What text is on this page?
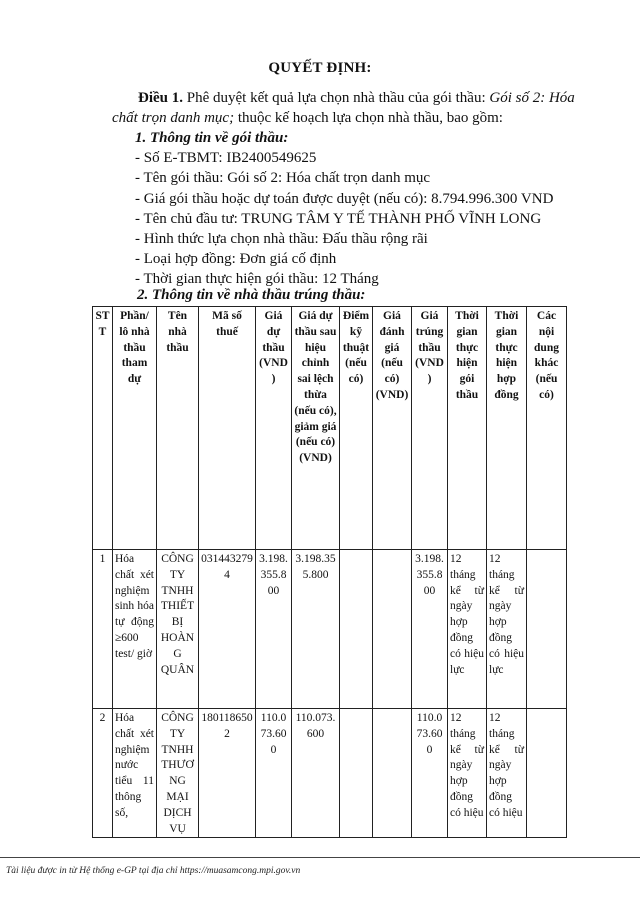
QUYẾT ĐỊNH:
Điều 1. Phê duyệt kết quả lựa chọn nhà thầu của gói thầu: Gói số 2: Hóa chất trọn danh mục; thuộc kế hoạch lựa chọn nhà thầu, bao gồm:
1. Thông tin về gói thầu:
- Số E-TBMT: IB2400549625
- Tên gói thầu: Gói số 2: Hóa chất trọn danh mục
- Giá gói thầu hoặc dự toán được duyệt (nếu có): 8.794.996.300 VND
- Tên chủ đầu tư: TRUNG TÂM Y TẾ THÀNH PHỐ VĨNH LONG
- Hình thức lựa chọn nhà thầu: Đấu thầu rộng rãi
- Loại hợp đồng: Đơn giá cố định
- Thời gian thực hiện gói thầu: 12 Tháng
2. Thông tin về nhà thầu trúng thầu:
STT	Phần/ lô nhà thầu tham dự	Tên nhà thầu	Mã số thuế	Giá dự thầu (VND)	Giá dự thầu sau hiệu chỉnh sai lệch thừa (nếu có), giảm giá (nếu có) (VND)	Điểm kỹ thuật (nếu có)	Giá đánh giá (nếu có) (VND)	Giá trúng thầu (VND)	Thời gian thực hiện gói thầu	Thời gian thực hiện hợp đồng	Các nội dung khác (nếu có)
1	Hóa chất xét nghiệm sinh hóa tự động ≥600 test/ giờ	CÔNG TY TNHH THIẾT BỊ HOÀNG QUÂN	0314432794	3.198.355.800	3.198.355.800			3.198.355.800	12 tháng kể từ ngày hợp đồng có hiệu lực	12 tháng kể từ ngày hợp đồng có hiệu lực	
2	Hóa chất xét nghiệm nước tiểu 11 thông số,	CÔNG TY TNHH THƯƠNG MẠI DỊCH VỤ	1801186502	110.073.600	110.073.600			110.073.600	12 tháng kể từ ngày hợp đồng có hiệu	12 tháng kể từ ngày hợp đồng có hiệu	
Tài liệu được in từ Hệ thống e-GP tại địa chỉ https://muasamcong.mpi.gov.vn
